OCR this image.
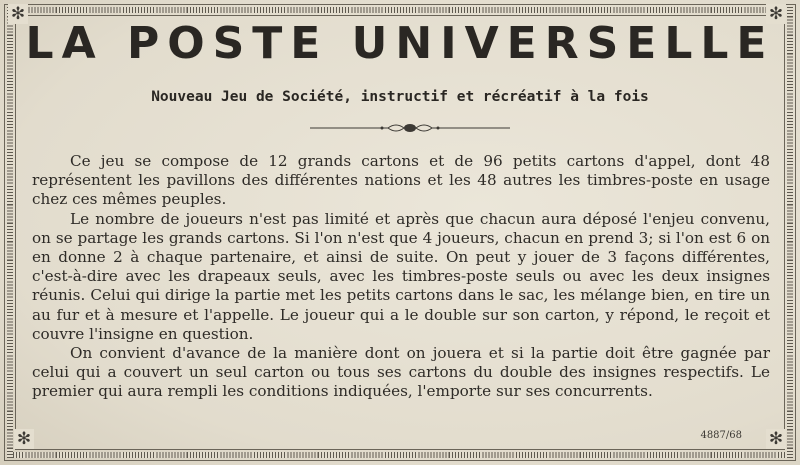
✻	✻
✻	✻
LA POSTE UNIVERSELLE
Nouveau Jeu de Société, instructif et récréatif à la fois

Ce jeu se compose de 12 grands cartons et de 96 petits cartons d'appel, dont 48 représentent les pavillons des différentes nations et les 48 autres les timbres-poste en usage chez ces mêmes peuples.

Le nombre de joueurs n'est pas limité et après que chacun aura déposé l'enjeu convenu, on se partage les grands cartons. Si l'on n'est que 4 joueurs, chacun en prend 3; si l'on est 6 on en donne 2 à chaque partenaire, et ainsi de suite. On peut y jouer de 3 façons différentes, c'est-à-dire avec les drapeaux seuls, avec les timbres-poste seuls ou avec les deux insignes réunis. Celui qui dirige la partie met les petits cartons dans le sac, les mélange bien, en tire un au fur et à mesure et l'appelle. Le joueur qui a le double sur son carton, y répond, le reçoit et couvre l'insigne en question.

On convient d'avance de la manière dont on jouera et si la partie doit être gagnée par celui qui a couvert un seul carton ou tous ses cartons du double des insignes respectifs. Le premier qui aura rempli les conditions indiquées, l'emporte sur ses concurrents.

4887/68
